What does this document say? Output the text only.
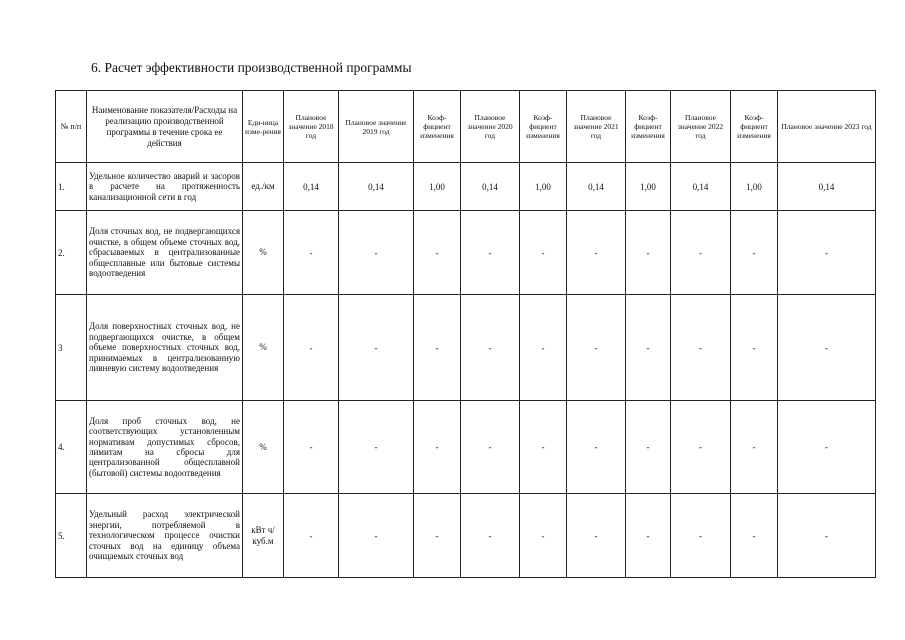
6. Расчет эффективности производственной программы
№ п/п	Наименование показателя/Расходы на реализацию производственной программы в течение срока ее действия	Еди-ница изме-рения	Плановое значение 2018 год	Плановое значение 2019 год	Коэф-фициент изменения	Плановое значение 2020 год	Коэф-фициент изменения	Плановое значение 2021 год	Коэф-фициент изменения	Плановое значение 2022 год	Коэф-фициент изменения	Плановое значение 2023 год	
1.	Удельное количество аварий и засоров в расчете на протяженность канализационной сети в год	ед./км	0,14	0,14	1,00	0,14	1,00	0,14	1,00	0,14	1,00	0,14	
2.	Доля сточных вод, не подвергающихся очистке, в общем объеме сточных вод, сбрасываемых в централизованные общесплавные или бытовые системы водоотведения	%	-	-	-	-	-	-	-	-	-	-	
3	Доля поверхностных сточных вод, не подвергающихся очистке, в общем объеме поверхностных сточных вод, принимаемых в централизованную ливневую систему водоотведения	%	-	-	-	-	-	-	-	-	-	-	
4.	Доля проб сточных вод, не соответствующих установленным нормативам допустимых сбросов, лимитам на сбросы для централизованной общесплавной (бытовой) системы водоотведения	%	-	-	-	-	-	-	-	-	-	-	
5.	Удельный расход электрической энергии, потребляемой в технологическом процессе очистки сточных вод на единицу объема очищаемых сточных вод	кВт ч/куб.м	-	-	-	-	-	-	-	-	-	-	
